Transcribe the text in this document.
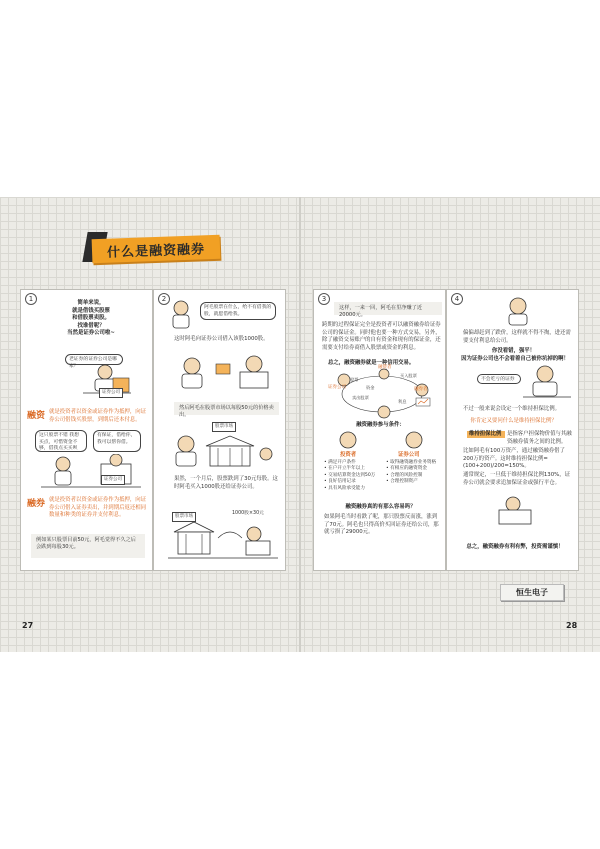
什么是融资融券
1	简单来说，
就是借钱买股票
和借股票卖股。
找谁借呢？
当然是证券公司啦~
老证券的证券公司是哪家？
证券公司
融资 就是投资者以资金或证券作为抵押，向证券公司借钱买股票，到期后还本付息。
这只股票不错 我想买点，可惜资金不够，借我点买买呗
有保证，借给你，我可以帮你借。
证券公司
融券 就是投资者以资金或证券作为抵押，向证券公司借入证券卖出，并到期后返还相同数量和种类的证券并支付利息。
例如某只股票目前50元，阿毛觉得不久之后会跌到每股30元。
2
阿毛股票在什么，给不有借我的股，就愿借给我。
这时阿毛向证券公司借入该股1000股。
然后阿毛在股票市场以每股50元的价格卖出。
股票市场
果然，一个月后，股票跌到了30元每股。这时阿毛买入1000股还给证券公司。
股票市场
1000股×30元
3
这样，一来一回，阿毛在里净赚了近20000元。
跨期的过程保证完全是投资者可以融资融券给证券公司的保证金。同时他也要一种方式交易，另外，除了融资交易账户的自有资金和现有的保证金，还需要支付给券商借入股票或资金的利息。
总之，融资融券就是一种信用交易。
融资者
买入股票
股票
资金
卖出股票
证券公司	融券者
利息
融资融券参与条件：
投资者	证券公司
• 满足开户条件
• 在户开立半年以上
• 交易结算资金达到50万
• 良好信用记录
• 具有风险承受能力
• 取得融资融券业务资格
• 有相应的融资资金
• 合理的风险控制
• 合理控制资产
融资融券真的有那么容易吗？
如果阿毛当时看跌了呢，那只股票反而涨，涨到了70元。阿毛也只得高价买回证券还给公司，那就亏损了29000元。
4
偏偏却赶到了跌价，这样就不得不掏，进还需要支付利息给公司。
你没看错，强平！
因为证券公司也不会看着自己被你坑掉的啊！
不会吃亏的证券
不过一般来说会设定一个维持担保比例。
你肯定又要问什么是维持担保比例？
维持担保比例 是指客户担保物价值与其融资融券债务之间的比例。
比如阿毛有100万资产，通过融资融券借了200万的资产。这时维持担保比例=(100+200)/200=150%。
通常规定，一旦低于维持担保比例130%，证券公司就会要求追加保证金或强行平仓。
总之，融资融券有利有弊，投资需谨慎！
恒生电子
27	28
